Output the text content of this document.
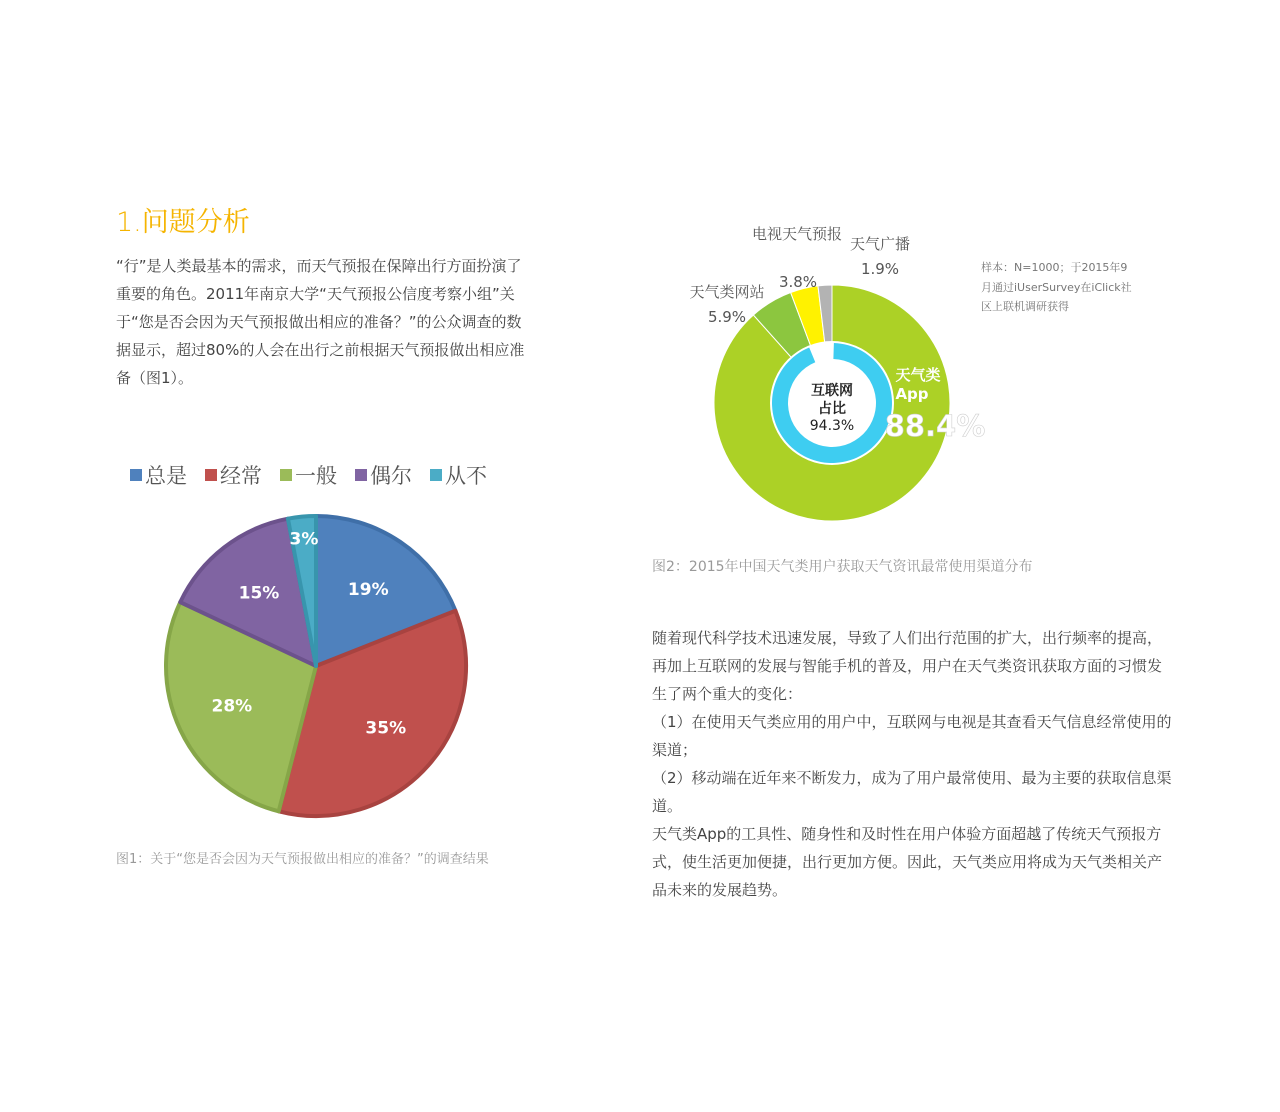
1.问题分析
“行”是人类最基本的需求，而天气预报在保障出行方面扮演了重要的角色。2011年南京大学“天气预报公信度考察小组”关于“您是否会因为天气预报做出相应的准备？”的公众调查的数据显示，超过80%的人会在出行之前根据天气预报做出相应准备（图1）。
总是 经常 一般 偶尔 从不
19%
35%
28%
15%
3%
图1：关于“您是否会因为天气预报做出相应的准备？”的调查结果
互联网
占比
94.3%
天气类
App
88.4%
电视天气预报
3.8%
天气广播
1.9%
天气类网站
5.9%
样本：N=1000；于2015年9
月通过iUserSurvey在iClick社
区上联机调研获得
图2：2015年中国天气类用户获取天气资讯最常使用渠道分布
随着现代科学技术迅速发展，导致了人们出行范围的扩大，出行频率的提高，再加上互联网的发展与智能手机的普及，用户在天气类资讯获取方面的习惯发生了两个重大的变化：
（1）在使用天气类应用的用户中，互联网与电视是其查看天气信息经常使用的渠道；
（2）移动端在近年来不断发力，成为了用户最常使用、最为主要的获取信息渠道。
天气类App的工具性、随身性和及时性在用户体验方面超越了传统天气预报方式，使生活更加便捷，出行更加方便。因此，天气类应用将成为天气类相关产品未来的发展趋势。
